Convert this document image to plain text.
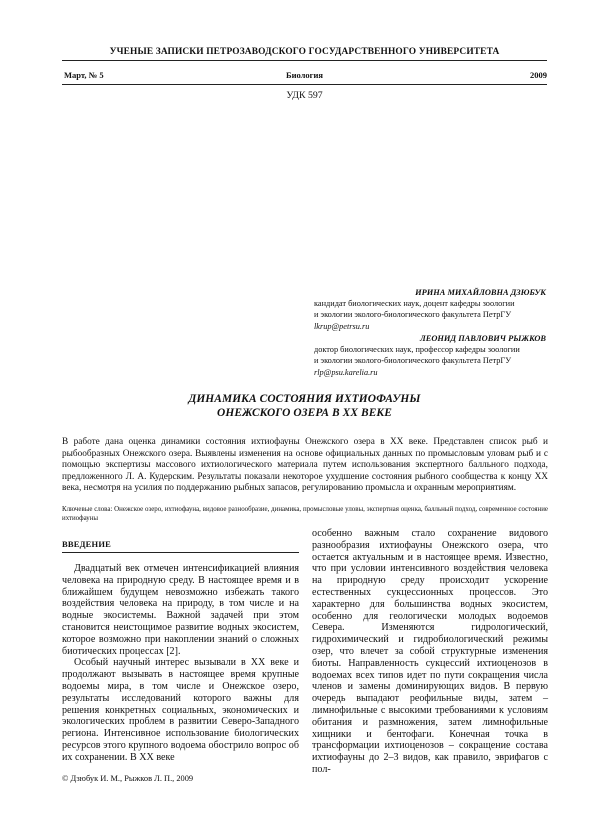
УЧЕНЫЕ ЗАПИСКИ ПЕТРОЗАВОДСКОГО ГОСУДАРСТВЕННОГО УНИВЕРСИТЕТА
Март, № 5	Биология	2009
УДК 597
ИРИНА МИХАЙЛОВНА ДЗЮБУК
кандидат биологических наук, доцент кафедры зоологии
и экологии эколого-биологического факультета ПетрГУ
lkrup@petrsu.ru
ЛЕОНИД ПАВЛОВИЧ РЫЖКОВ
доктор биологических наук, профессор кафедры зоологии
и экологии эколого-биологического факультета ПетрГУ
rlp@psu.karelia.ru
ДИНАМИКА СОСТОЯНИЯ ИХТИОФАУНЫ
ОНЕЖСКОГО ОЗЕРА В XX ВЕКЕ
В работе дана оценка динамики состояния ихтиофауны Онежского озера в XX веке. Представлен список рыб и рыбообразных Онежского озера. Выявлены изменения на основе официальных данных по промысловым уловам рыб и с помощью экспертизы массового ихтиологического материала путем использования экспертного балльного подхода, предложенного Л. А. Кудерским. Результаты показали некоторое ухудшение состояния рыбного сообщества к концу XX века, несмотря на усилия по поддержанию рыбных запасов, регулированию промысла и охранным мероприятиям.
Ключевые слова: Онежское озеро, ихтиофауна, видовое разнообразие, динамика, промысловые уловы, экспертная оценка, балльный подход, современное состояние ихтиофауны
ВВЕДЕНИЕ

Двадцатый век отмечен интенсификацией влияния человека на природную среду. В настоящее время и в ближайшем будущем невозможно избежать такого воздействия человека на природу, в том числе и на водные экосистемы. Важной задачей при этом становится неистощимое развитие водных экосистем, которое возможно при накоплении знаний о сложных биотических процессах [2].

Особый научный интерес вызывали в XX веке и продолжают вызывать в настоящее время крупные водоемы мира, в том числе и Онежское озеро, результаты исследований которого важны для решения конкретных социальных, экономических и экологических проблем в развитии Северо-Западного региона. Интенсивное использование биологических ресурсов этого крупного водоема обострило вопрос об их сохранении. В XX веке

особенно важным стало сохранение видового разнообразия ихтиофауны Онежского озера, что остается актуальным и в настоящее время. Известно, что при условии интенсивного воздействия человека на природную среду происходит ускорение естественных сукцессионных процессов. Это характерно для большинства водных экосистем, особенно для геологически молодых водоемов Севера. Изменяются гидрологический, гидрохимический и гидробиологический режимы озер, что влечет за собой структурные изменения биоты. Направленность сукцессий ихтиоценозов в водоемах всех типов идет по пути сокращения числа членов и замены доминирующих видов. В первую очередь выпадают реофильные виды, затем – лимнофильные с высокими требованиями к условиям обитания и размножения, затем лимнофильные хищники и бентофаги. Конечная точка в трансформации ихтиоценозов – сокращение состава ихтиофауны до 2–3 видов, как правило, эврифагов с пол-

© Дзюбук И. М., Рыжков Л. П., 2009
